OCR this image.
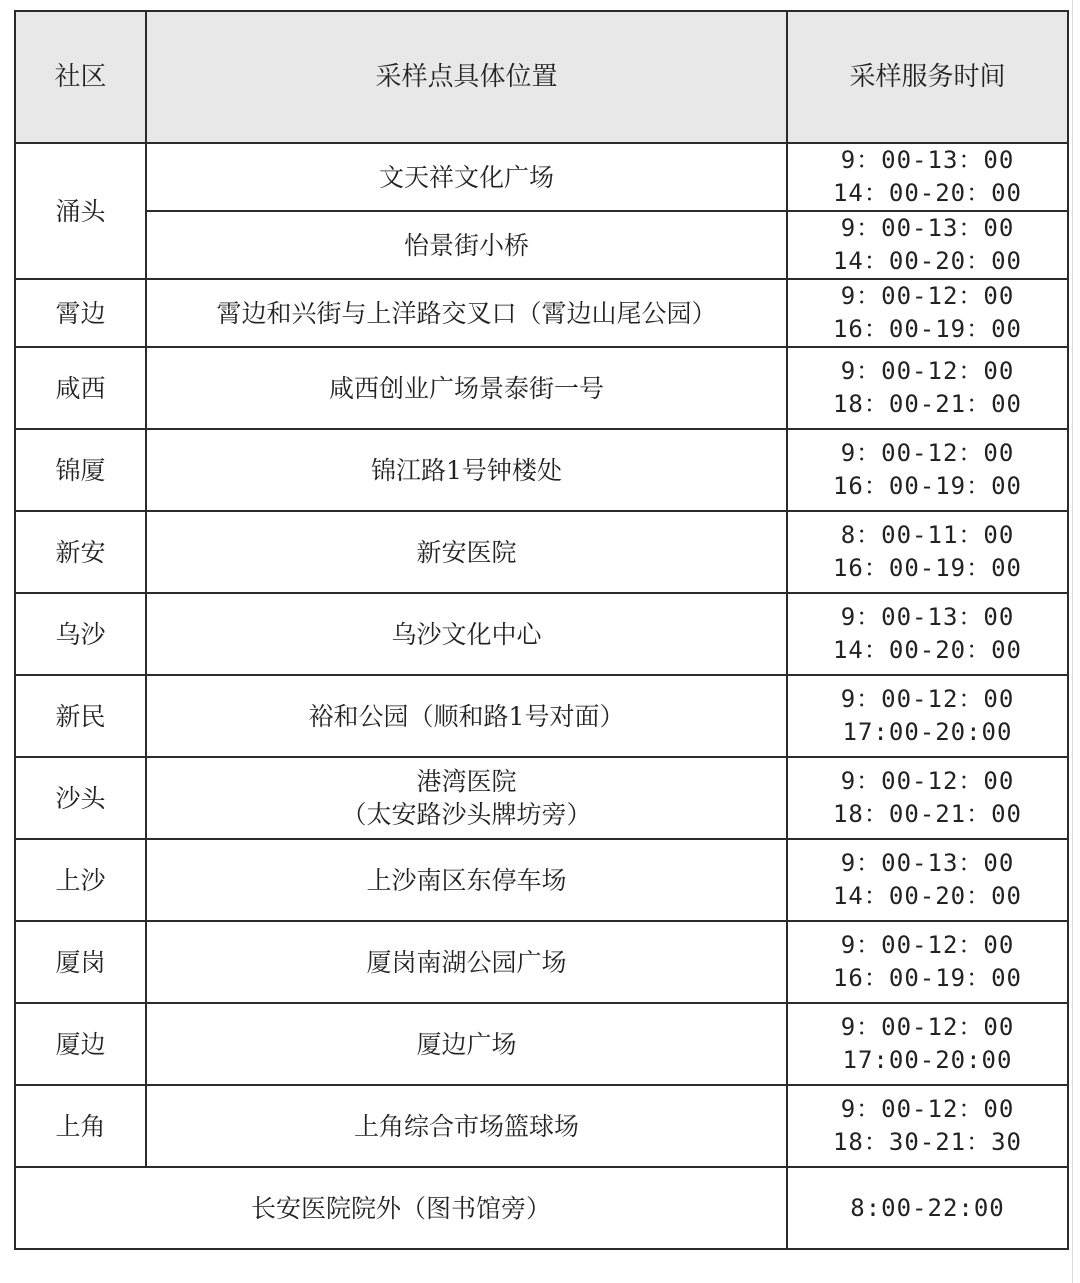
社区	采样点具体位置	采样服务时间
涌头	文天祥文化广场	9：00-13：00
14：00-20：00

	怡景街小桥	9：00-13：00
14：00-20：00

霄边	霄边和兴街与上洋路交叉口（霄边山尾公园）	9：00-12：00
16：00-19：00

咸西	咸西创业广场景泰街一号	9：00-12：00
18：00-21：00

锦厦	锦江路1号钟楼处	9：00-12：00
16：00-19：00

新安	新安医院	8：00-11：00
16：00-19：00

乌沙	乌沙文化中心	9：00-13：00
14：00-20：00

新民	裕和公园（顺和路1号对面）	9：00-12：00
17:00-20:00

沙头	港湾医院
（太安路沙头牌坊旁）	9：00-12：00
18：00-21：00

上沙	上沙南区东停车场	9：00-13：00
14：00-20：00

厦岗	厦岗南湖公园广场	9：00-12：00
16：00-19：00

厦边	厦边广场	9：00-12：00
17:00-20:00

上角	上角综合市场篮球场	9：00-12：00
18：30-21：30

长安医院院外（图书馆旁）		8:00-22:00
